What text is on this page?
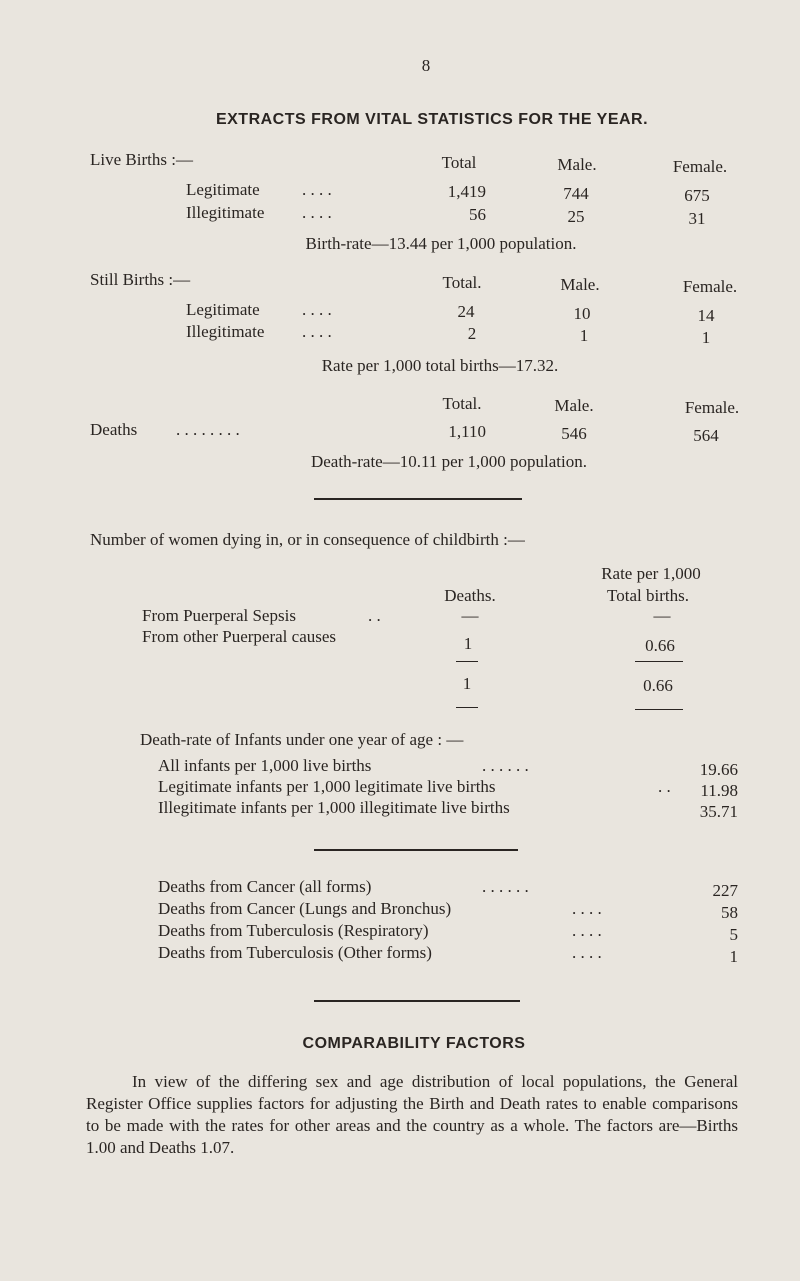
8
EXTRACTS FROM VITAL STATISTICS FOR THE YEAR.
Live Births :—	Total	Male.	Female.
Legitimate . . . .	1,419	744	675
Illegitimate . . . .	56	25	31
Birth-rate—13.44 per 1,000 population.
Still Births :—	Total.	Male.	Female.
Legitimate . . . .	24	10	14
Illegitimate . . . .	2	1	1
Rate per 1,000 total births—17.32.
Total.	Male.	Female.
Deaths . . . . . . . .	1,110	546	564
Death-rate—10.11 per 1,000 population.
Number of women dying in, or in consequence of childbirth :—
Rate per 1,000
Deaths.	Total births.
From Puerperal Sepsis	. .	—	—
From other Puerperal causes	1	0.66
1	0.66
Death-rate of Infants under one year of age : —
All infants per 1,000 live births	. . . . . .	19.66
Legitimate infants per 1,000 legitimate live births	. . 11.98
Illegitimate infants per 1,000 illegitimate live births	35.71
Deaths from Cancer (all forms)	. . . . . .	227
Deaths from Cancer (Lungs and Bronchus)	. . . .	58
Deaths from Tuberculosis (Respiratory)	. . . .	5
Deaths from Tuberculosis (Other forms)	. . . .	1
COMPARABILITY FACTORS
In view of the differing sex and age distribution of local populations, the General Register Office supplies factors for adjusting the Birth and Death rates to enable comparisons to be made with the rates for other areas and the country as a whole. The factors are—Births 1.00 and Deaths 1.07.
